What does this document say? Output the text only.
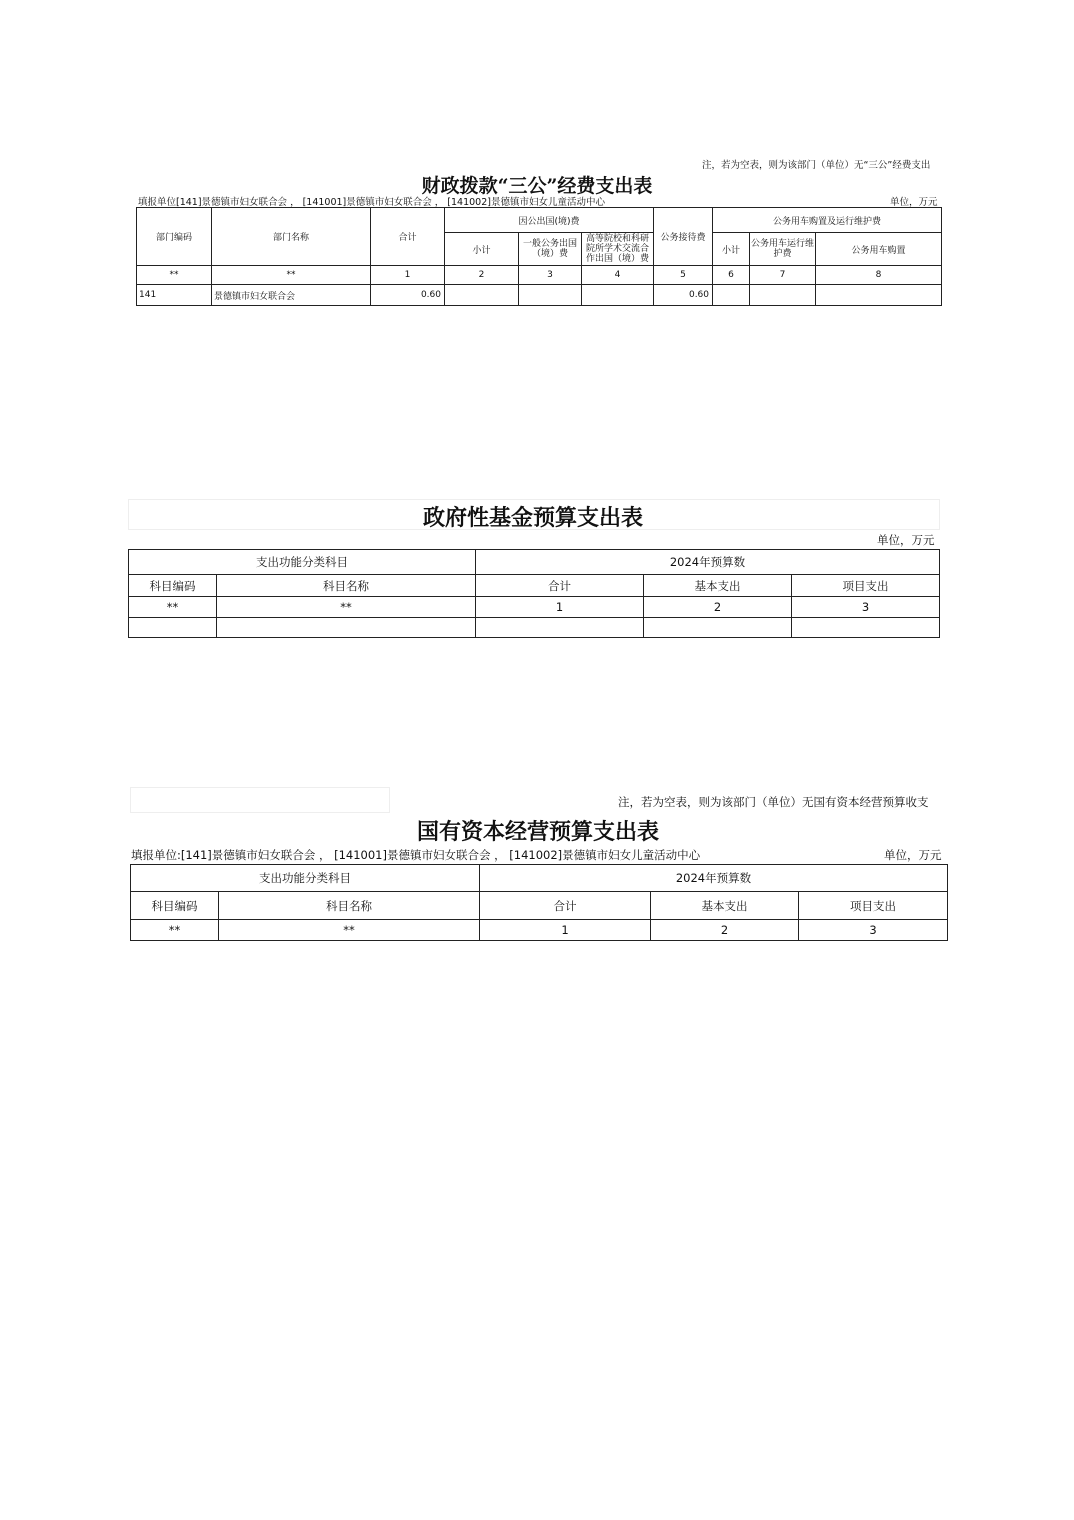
注，若为空表，则为该部门（单位）无“三公”经费支出
财政拨款“三公”经费支出表
填报单位[141]景德镇市妇女联合会 ， [141001]景德镇市妇女联合会 ， [141002]景德镇市妇女儿童活动中心	单位，万元
部门编码	部门名称	合计	因公出国(境)费			公务接待费	公务用车购置及运行维护费		
			小计	一般公务出国（境）费	高等院校和科研院所学术交流合作出国（境）费		小计	公务用车运行维护费	公务用车购置
**	**	1	2	3	4	5	6	7	8
141	景德镇市妇女联合会	0.60				0.60			
政府性基金预算支出表
单位，万元
支出功能分类科目		2024年预算数		
科目编码	科目名称	合计	基本支出	项目支出
**	**	1	2	3

注，若为空表，则为该部门（单位）无国有资本经营预算收支
国有资本经营预算支出表
填报单位:[141]景德镇市妇女联合会 ， [141001]景德镇市妇女联合会 ， [141002]景德镇市妇女儿童活动中心	单位，万元
支出功能分类科目		2024年预算数		
科目编码	科目名称	合计	基本支出	项目支出
**	**	1	2	3
